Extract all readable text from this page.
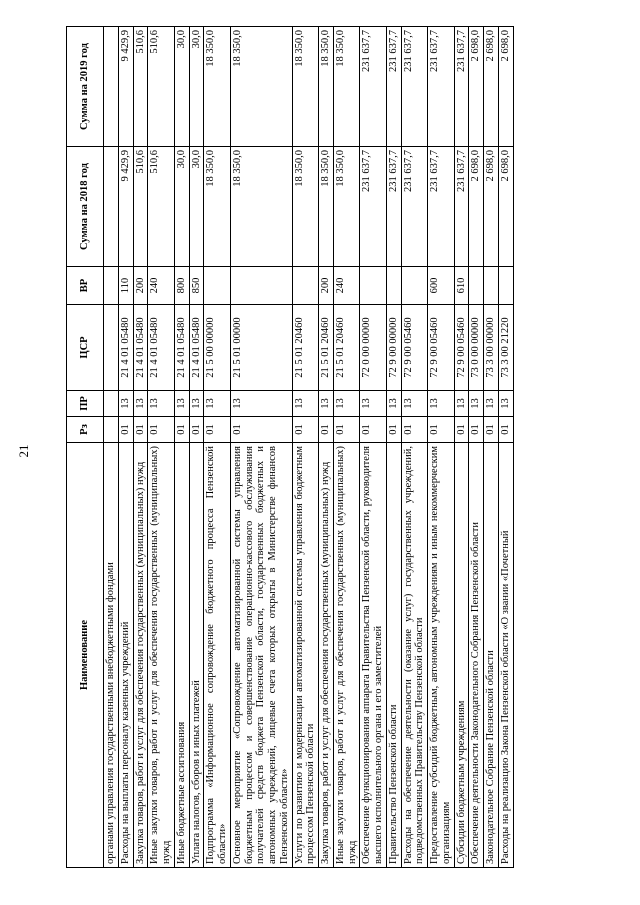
21
Наименование	Рз	ПР	ЦСР	ВР	Сумма на 2018 год	Сумма на 2019 год
органами управления государственными внебюджетными фондами						
Расходы на выплаты персоналу казенных учреждений	01	13	21 4 01 05480	110	9 429,9	9 429,9
Закупка товаров, работ и услуг для обеспечения государственных (муниципальных) нужд	01	13	21 4 01 05480	200	510,6	510,6
Иные закупки товаров, работ и услуг для обеспечения государственных (муниципальных) нужд	01	13	21 4 01 05480	240	510,6	510,6
Иные бюджетные ассигнования	01	13	21 4 01 05480	800	30,0	30,0
Уплата налогов, сборов и иных платежей	01	13	21 4 01 05480	850	30,0	30,0
Подпрограмма «Информационное сопровождение бюджетного процесса Пензенской области»	01	13	21 5 00 00000		18 350,0	18 350,0
Основное мероприятие «Сопровождение автоматизированной системы управления бюджетным процессом и совершенствование операционно-кассового обслуживания получателей средств бюджета Пензенской области, государственных бюджетных и автономных учреждений, лицевые счета которых открыты в Министерстве финансов Пензенской области»	01	13	21 5 01 00000		18 350,0	18 350,0
Услуги по развитию и модернизации автоматизированной системы управления бюджетным процессом Пензенской области	01	13	21 5 01 20460		18 350,0	18 350,0
Закупка товаров, работ и услуг для обеспечения государственных (муниципальных) нужд	01	13	21 5 01 20460	200	18 350,0	18 350,0
Иные закупки товаров, работ и услуг для обеспечения государственных (муниципальных) нужд	01	13	21 5 01 20460	240	18 350,0	18 350,0
Обеспечение функционирования аппарата Правительства Пензенской области, руководителя высшего исполнительного органа и его заместителей	01	13	72 0 00 00000		231 637,7	231 637,7
Правительство Пензенской области	01	13	72 9 00 00000		231 637,7	231 637,7
Расходы на обеспечение деятельности (оказание услуг) государственных учреждений, подведомственных Правительству Пензенской области	01	13	72 9 00 05460		231 637,7	231 637,7
Предоставление субсидий бюджетным, автономным учреждениям и иным некоммерческим организациям	01	13	72 9 00 05460	600	231 637,7	231 637,7
Субсидии бюджетным учреждениям	01	13	72 9 00 05460	610	231 637,7	231 637,7
Обеспечение деятельности Законодательного Собрания Пензенской области	01	13	73 0 00 00000		2 698,0	2 698,0
Законодательное Собрание Пензенской области	01	13	73 3 00 00000		2 698,0	2 698,0
Расходы на реализацию Закона Пензенской области «О звании «Почетный	01	13	73 3 00 21220		2 698,0	2 698,0
